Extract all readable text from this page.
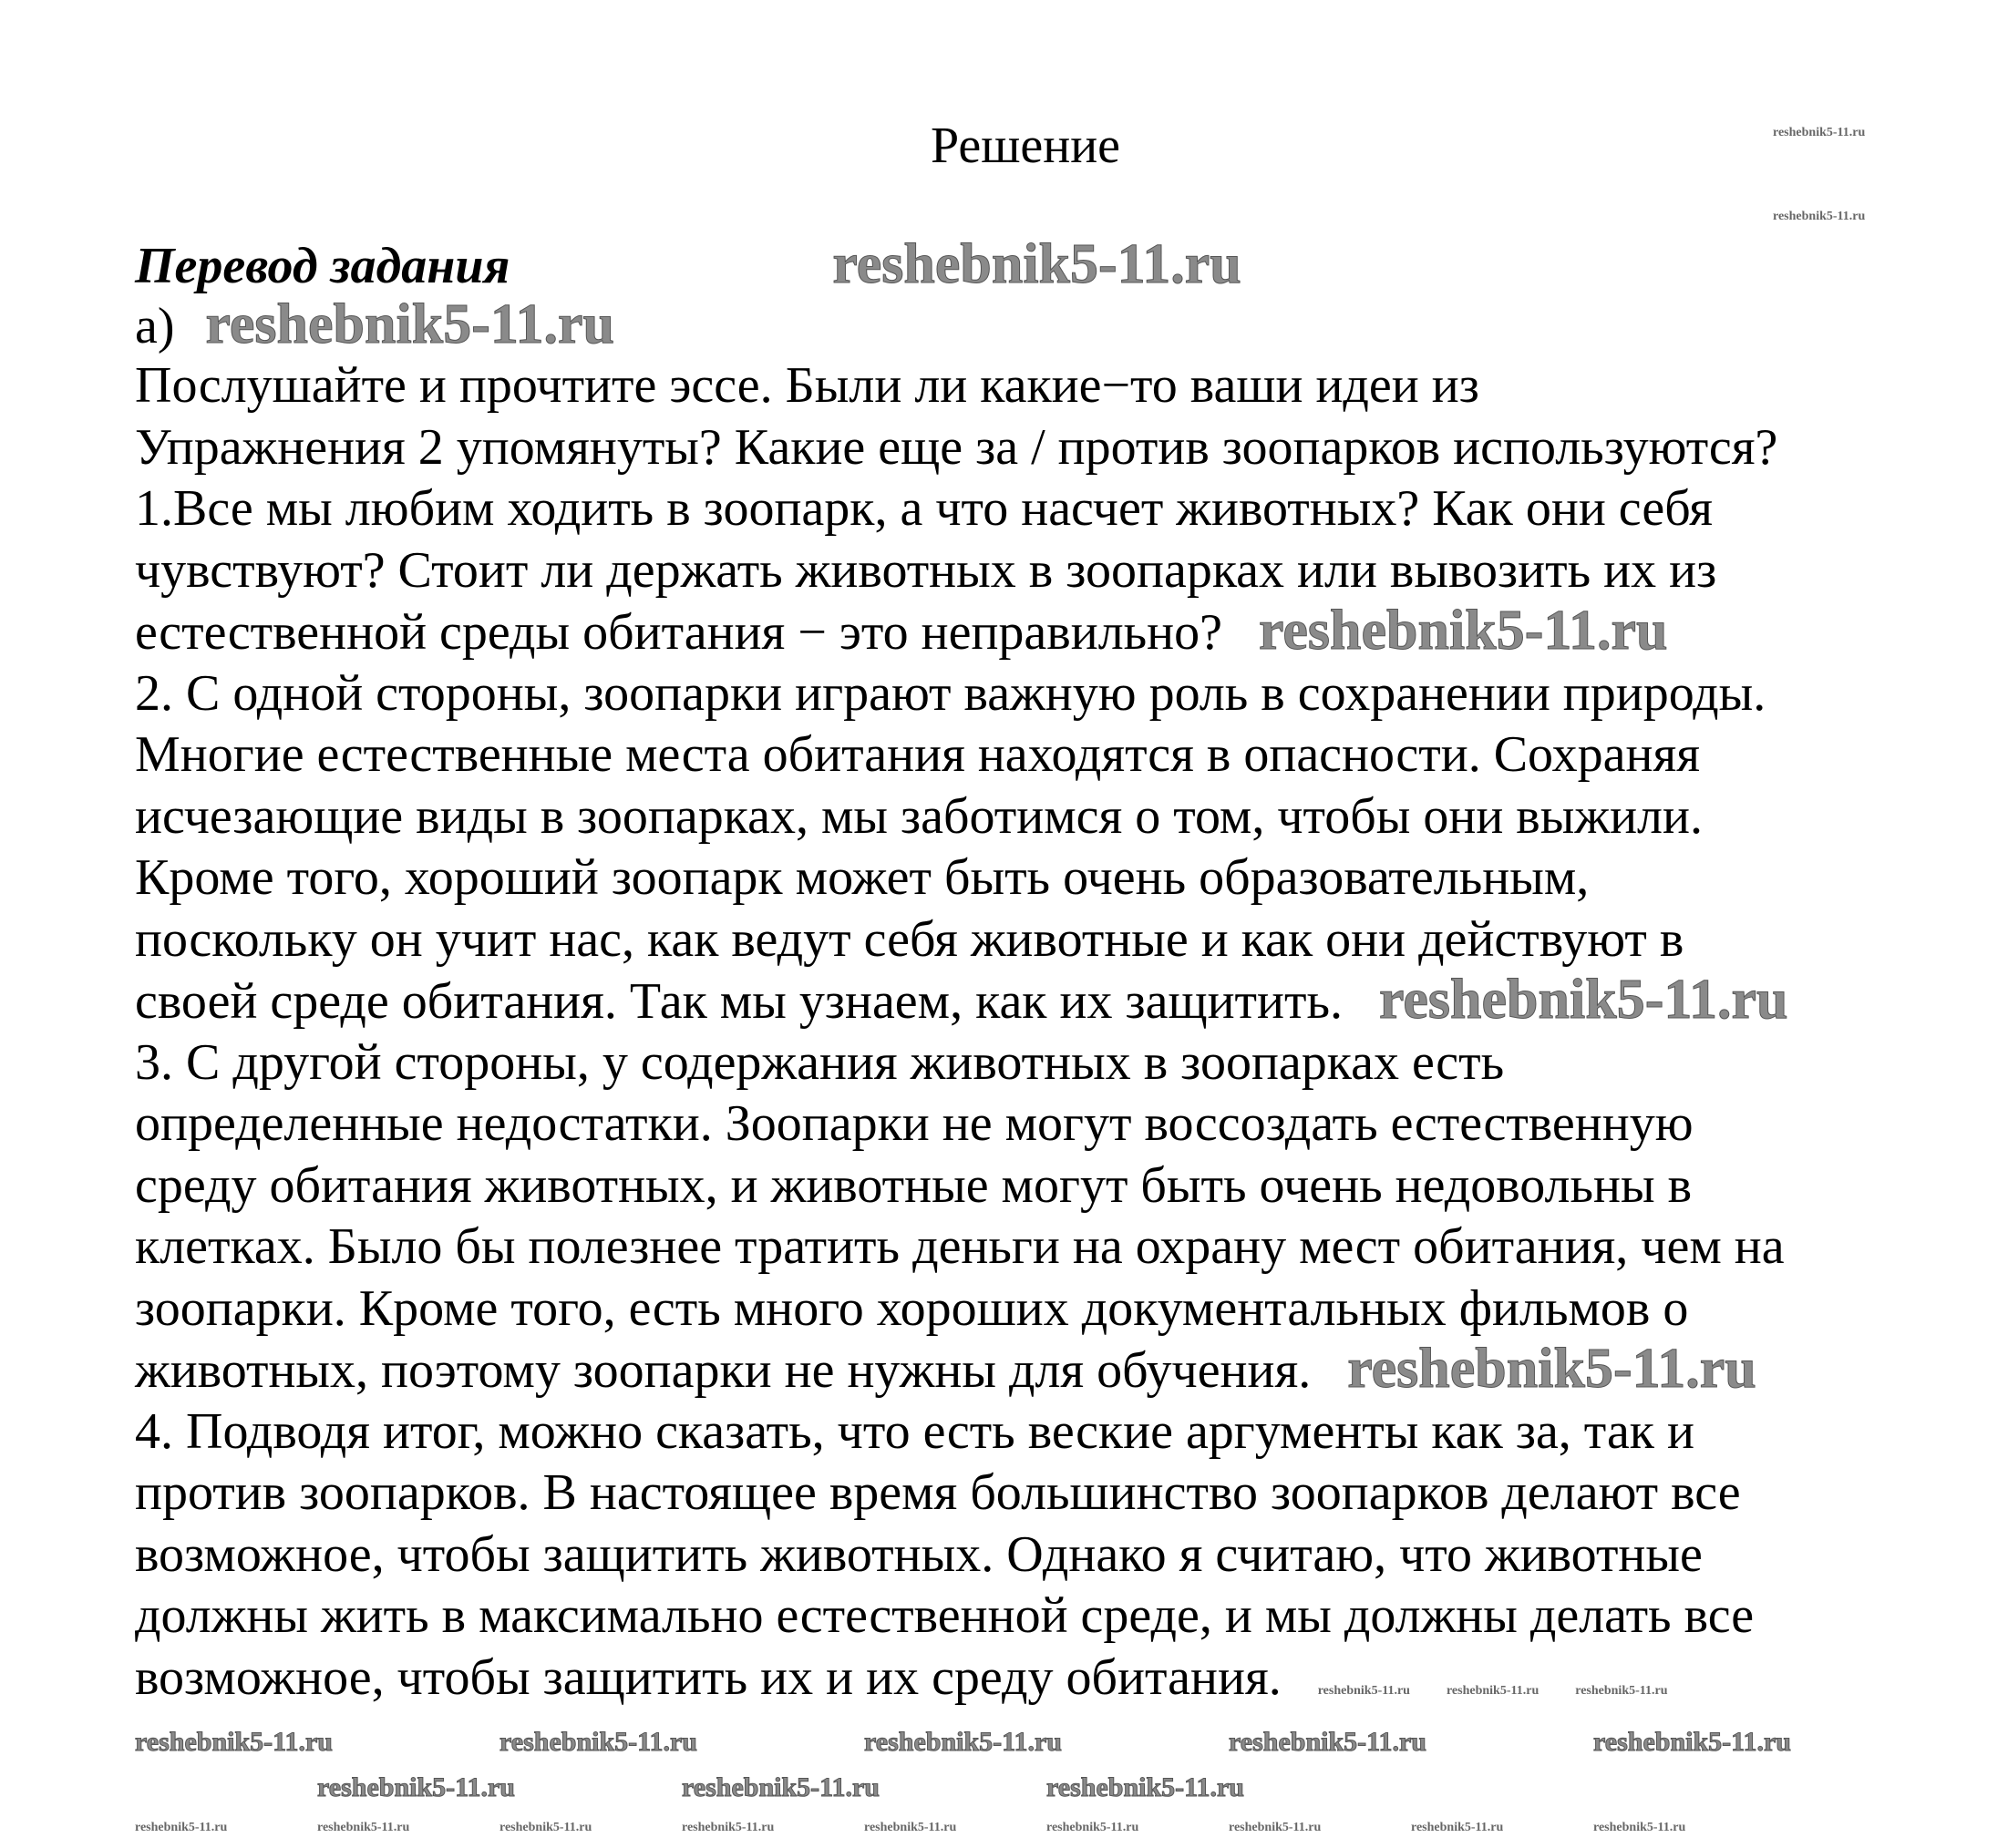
Решение
Перевод задания	reshebnik5-11.ru
а) reshebnik5-11.ru
Послушайте и прочтите эссе. Были ли какие−то ваши идеи из
Упражнения 2 упомянуты? Какие еще за / против зоопарков используются?
1.Все мы любим ходить в зоопарк, а что насчет животных? Как они себя
чувствуют? Стоит ли держать животных в зоопарках или вывозить их из
естественной среды обитания − это неправильно? reshebnik5-11.ru
2. С одной стороны, зоопарки играют важную роль в сохранении природы.
Многие естественные места обитания находятся в опасности. Сохраняя
исчезающие виды в зоопарках, мы заботимся о том, чтобы они выжили.
Кроме того, хороший зоопарк может быть очень образовательным,
поскольку он учит нас, как ведут себя животные и как они действуют в
своей среде обитания. Так мы узнаем, как их защитить. reshebnik5-11.ru
3. С другой стороны, у содержания животных в зоопарках есть
определенные недостатки. Зоопарки не могут воссоздать естественную
среду обитания животных, и животные могут быть очень недовольны в
клетках. Было бы полезнее тратить деньги на охрану мест обитания, чем на
зоопарки. Кроме того, есть много хороших документальных фильмов о
животных, поэтому зоопарки не нужны для обучения. reshebnik5-11.ru
4. Подводя итог, можно сказать, что есть веские аргументы как за, так и
против зоопарков. В настоящее время большинство зоопарков делают все
возможное, чтобы защитить животных. Однако я считаю, что животные
должны жить в максимально естественной среде, и мы должны делать все
возможное, чтобы защитить их и их среду обитания.	reshebnik5-11.ru	reshebnik5-11.ru	reshebnik5-11.ru
reshebnik5-11.ru
reshebnik5-11.ru
reshebnik5-11.ru	reshebnik5-11.ru	reshebnik5-11.ru	reshebnik5-11.ru	reshebnik5-11.ru
reshebnik5-11.ru	reshebnik5-11.ru	reshebnik5-11.ru
reshebnik5-11.ru	reshebnik5-11.ru	reshebnik5-11.ru	reshebnik5-11.ru	reshebnik5-11.ru	reshebnik5-11.ru	reshebnik5-11.ru	reshebnik5-11.ru	reshebnik5-11.ru
